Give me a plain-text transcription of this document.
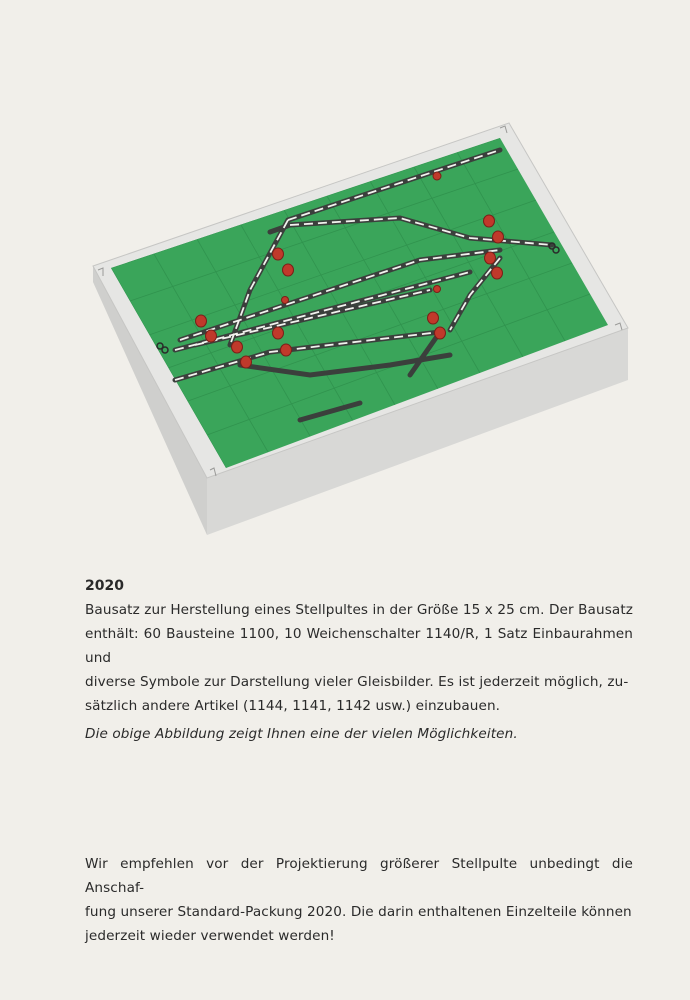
2020

Bausatz zur Herstellung eines Stellpultes in der Größe 15 x 25 cm. Der Bausatz

enthält: 60 Bausteine 1100, 10 Weichenschalter 1140/R, 1 Satz Einbaurahmen und

diverse Symbole zur Darstellung vieler Gleisbilder. Es ist jederzeit möglich, zu-

sätzlich andere Artikel (1144, 1141, 1142 usw.) einzubauen.

Die obige Abbildung zeigt Ihnen eine der vielen Möglichkeiten.

Wir empfehlen vor der Projektierung größerer Stellpulte unbedingt die Anschaf-

fung unserer Standard-Packung 2020. Die darin enthaltenen Einzelteile können

jederzeit wieder verwendet werden!
